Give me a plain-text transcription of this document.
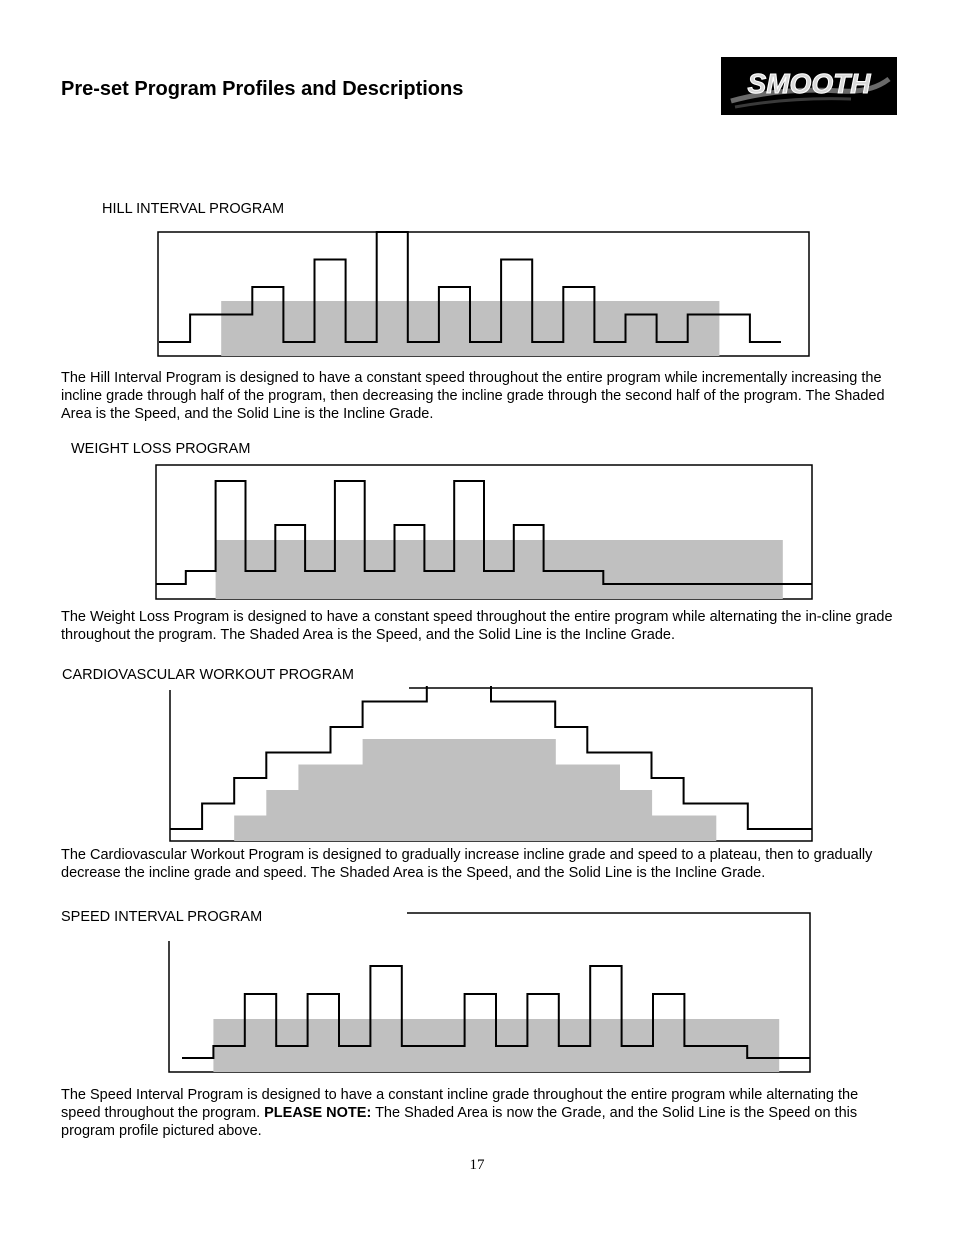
Pre-set Program Profiles and Descriptions	SMOOTH
HILL INTERVAL PROGRAM
The Hill Interval Program is designed to have a constant speed throughout the entire program while incrementally increasing the incline grade through half of the program, then decreasing the incline grade through the second half of the program. The Shaded Area is the Speed, and the Solid Line is the Incline Grade.
WEIGHT LOSS PROGRAM
The Weight Loss Program is designed to have a constant speed throughout the entire program while alternating the in-cline grade throughout the program. The Shaded Area is the Speed, and the Solid Line is the Incline Grade.
CARDIOVASCULAR WORKOUT PROGRAM
The Cardiovascular Workout Program is designed to gradually increase incline grade and speed to a plateau, then to gradually decrease the incline grade and speed. The Shaded Area is the Speed, and the Solid Line is the Incline Grade.
SPEED INTERVAL PROGRAM
The Speed Interval Program is designed to have a constant incline grade throughout the entire program while alternating the speed throughout the program. PLEASE NOTE: The Shaded Area is now the Grade, and the Solid Line is the Speed on this program profile pictured above.
17
